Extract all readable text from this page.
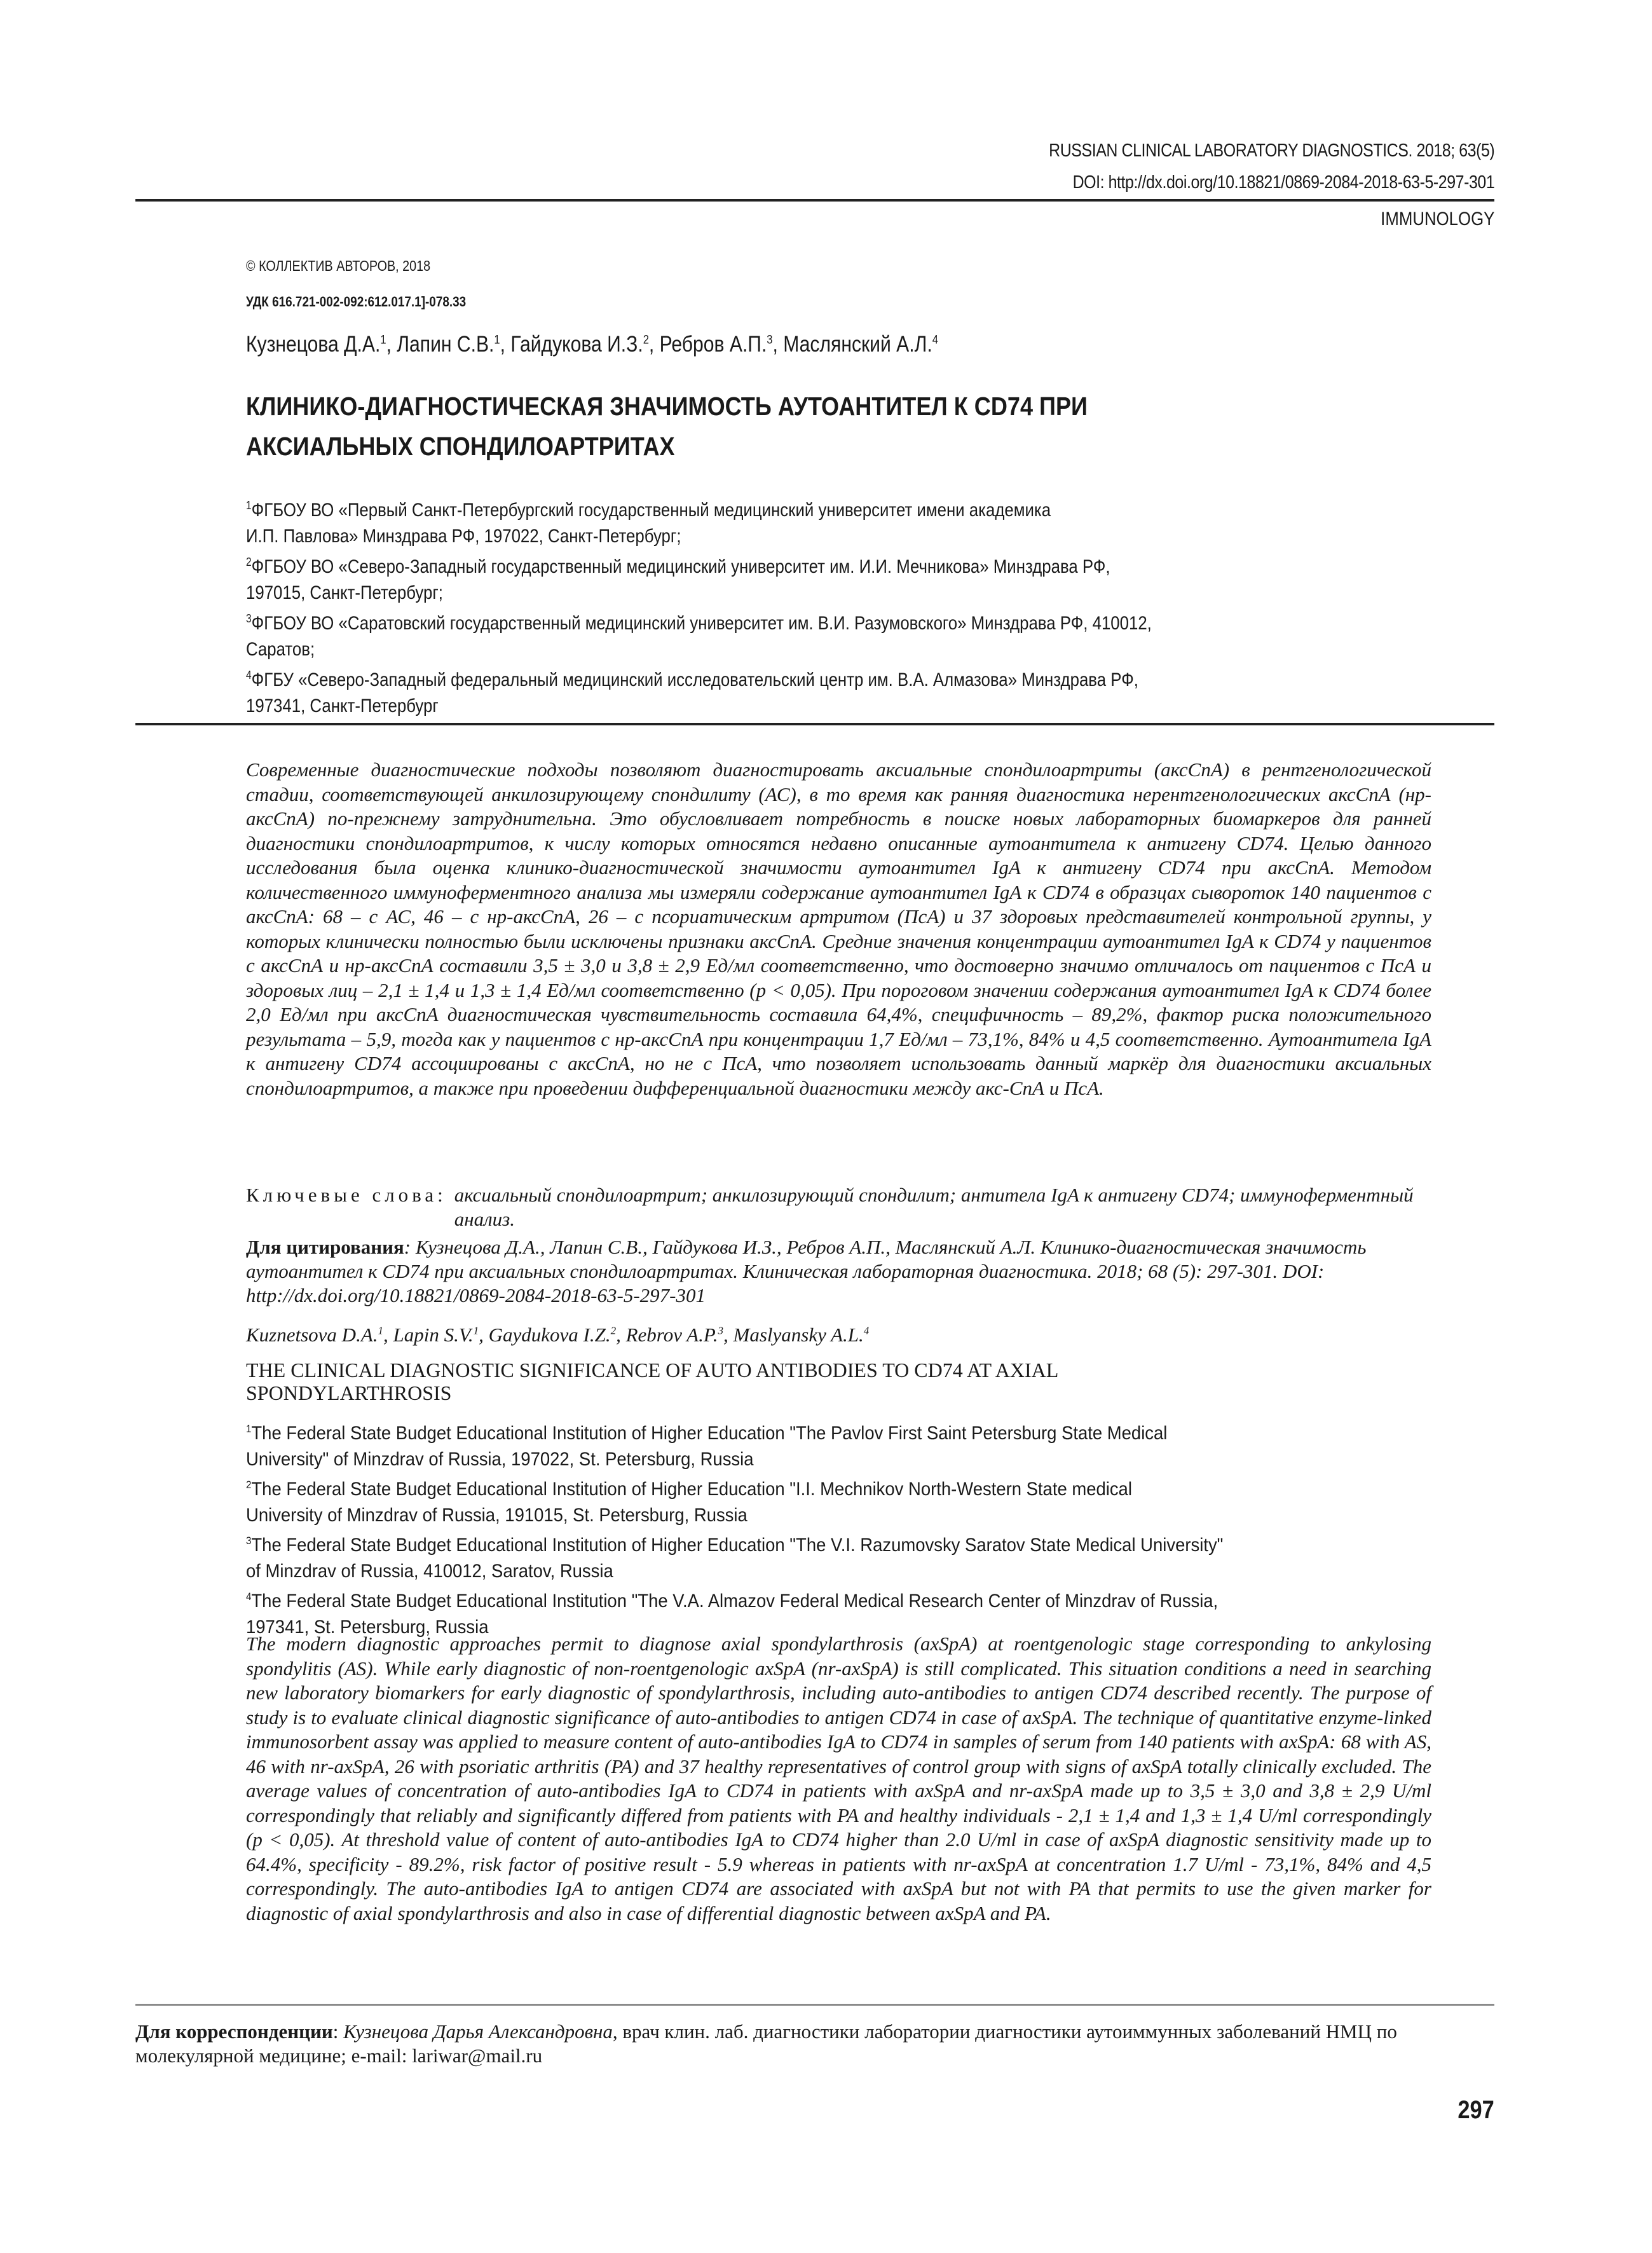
RUSSIAN CLINICAL LABORATORY DIAGNOSTICS. 2018; 63(5)
DOI: http://dx.doi.org/10.18821/0869-2084-2018-63-5-297-301
IMMUNOLOGY
© КОЛЛЕКТИВ АВТОРОВ, 2018
УДК 616.721-002-092:612.017.1]-078.33
Кузнецова Д.А.$^1$, Лапин С.В.$^1$, Гайдукова И.З.$^2$, Ребров А.П.$^3$, Маслянский А.Л.$^4$
КЛИНИКО-ДИАГНОСТИЧЕСКАЯ ЗНАЧИМОСТЬ АУТОАНТИТЕЛ К CD74 ПРИ
АКСИАЛЬНЫХ СПОНДИЛОАРТРИТАХ
$^1$ФГБОУ ВО «Первый Санкт-Петербургский государственный медицинский университет имени академика
И.П. Павлова» Минздрава РФ, 197022, Санкт-Петербург;
$^2$ФГБОУ ВО «Северо-Западный государственный медицинский университет им. И.И. Мечникова» Минздрава РФ,
197015, Санкт-Петербург;
$^3$ФГБОУ ВО «Саратовский государственный медицинский университет им. В.И. Разумовского» Минздрава РФ, 410012,
Саратов;
$^4$ФГБУ «Северо-Западный федеральный медицинский исследовательский центр им. В.А. Алмазова» Минздрава РФ,
197341, Санкт-Петербург

Современные диагностические подходы позволяют диагностировать аксиальные спондилоартриты (аксСпА) в рентгенологической стадии, соответствующей анкилозирующему спондилиту (АС), в то время как ранняя диагностика нерентгенологических аксСпА (нр-аксСпА) по-прежнему затруднительна. Это обусловливает потребность в поиске новых лабораторных биомаркеров для ранней диагностики спондилоартритов, к числу которых относятся недавно описанные аутоантитела к антигену CD74. Целью данного исследования была оценка клинико-диагностической значимости аутоантител IgA к антигену CD74 при аксСпА. Методом количественного иммуноферментного анализа мы измеряли содержание аутоантител IgA к CD74 в образцах сывороток 140 пациентов с аксСпА: 68 – с АС, 46 – с нр-аксСпА, 26 – с псориатическим артритом (ПсА) и 37 здоровых представителей контрольной группы, у которых клинически полностью были исключены признаки аксСпА. Средние значения концентрации аутоантител IgA к CD74 у пациентов с аксСпА и нр-аксСпА составили 3,5 ± 3,0 и 3,8 ± 2,9 Ед/мл соответственно, что достоверно значимо отличалось от пациентов с ПсА и здоровых лиц – 2,1 ± 1,4 и 1,3 ± 1,4 Ед/мл соответственно (p < 0,05). При пороговом значении содержания аутоантител IgA к CD74 более 2,0 Ед/мл при аксСпА диагностическая чувствительность составила 64,4%, специфичность – 89,2%, фактор риска положительного результата – 5,9, тогда как у пациентов с нр-аксСпА при концентрации 1,7 Ед/мл – 73,1%, 84% и 4,5 соответственно. Аутоантитела IgA к антигену CD74 ассоциированы с аксСпА, но не с ПсА, что позволяет использовать данный маркёр для диагностики аксиальных спондилоартритов, а также при проведении дифференциальной диагностики между акс-СпА и ПсА.

Ключевые слова: аксиальный спондилоартрит; анкилозирующий спондилит; антитела IgA к антигену CD74; иммуноферментный анализ.
Для цитирования: Кузнецова Д.А., Лапин С.В., Гайдукова И.З., Ребров А.П., Маслянский А.Л. Клинико-диагностическая значимость аутоантител к CD74 при аксиальных спондилоартритах. Клиническая лабораторная диагностика. 2018; 68 (5): 297-301. DOI: http://dx.doi.org/10.18821/0869-2084-2018-63-5-297-301
Kuznetsova D.A.$^1$, Lapin S.V.$^1$, Gaydukova I.Z.$^2$, Rebrov A.P.$^3$, Maslyansky A.L.$^4$
THE CLINICAL DIAGNOSTIC SIGNIFICANCE OF AUTO ANTIBODIES TO CD74 AT AXIAL
SPONDYLARTHROSIS
$^1$The Federal State Budget Educational Institution of Higher Education "The Pavlov First Saint Petersburg State Medical
University" of Minzdrav of Russia, 197022, St. Petersburg, Russia
$^2$The Federal State Budget Educational Institution of Higher Education "I.I. Mechnikov North-Western State medical
University of Minzdrav of Russia, 191015, St. Petersburg, Russia
$^3$The Federal State Budget Educational Institution of Higher Education "The V.I. Razumovsky Saratov State Medical University"
of Minzdrav of Russia, 410012, Saratov, Russia
$^4$The Federal State Budget Educational Institution "The V.A. Almazov Federal Medical Research Center of Minzdrav of Russia,
197341, St. Petersburg, Russia

The modern diagnostic approaches permit to diagnose axial spondylarthrosis (axSpA) at roentgenologic stage corresponding to ankylosing spondylitis (AS). While early diagnostic of non-roentgenologic axSpA (nr-axSpA) is still complicated. This situation conditions a need in searching new laboratory biomarkers for early diagnostic of spondylarthrosis, including auto-antibodies to antigen CD74 described recently. The purpose of study is to evaluate clinical diagnostic significance of auto-antibodies to antigen CD74 in case of axSpA. The technique of quantitative enzyme-linked immunosorbent assay was applied to measure content of auto-antibodies IgA to CD74 in samples of serum from 140 patients with axSpA: 68 with AS, 46 with nr-axSpA, 26 with psoriatic arthritis (PA) and 37 healthy representatives of control group with signs of axSpA totally clinically excluded. The average values of concentration of auto-antibodies IgA to CD74 in patients with axSpA and nr-axSpA made up to 3,5 ± 3,0 and 3,8 ± 2,9 U/ml correspondingly that reliably and significantly differed from patients with PA and healthy individuals - 2,1 ± 1,4 and 1,3 ± 1,4 U/ml correspondingly (p < 0,05). At threshold value of content of auto-antibodies IgA to CD74 higher than 2.0 U/ml in case of axSpA diagnostic sensitivity made up to 64.4%, specificity - 89.2%, risk factor of positive result - 5.9 whereas in patients with nr-axSpA at concentration 1.7 U/ml - 73,1%, 84% and 4,5 correspondingly. The auto-antibodies IgA to antigen CD74 are associated with axSpA but not with PA that permits to use the given marker for diagnostic of axial spondylarthrosis and also in case of differential diagnostic between axSpA and PA.

Для корреспонденции: Кузнецова Дарья Александровна, врач клин. лаб. диагностики лаборатории диагностики аутоиммунных заболеваний НМЦ по молекулярной медицине; e-mail: lariwar@mail.ru
297
